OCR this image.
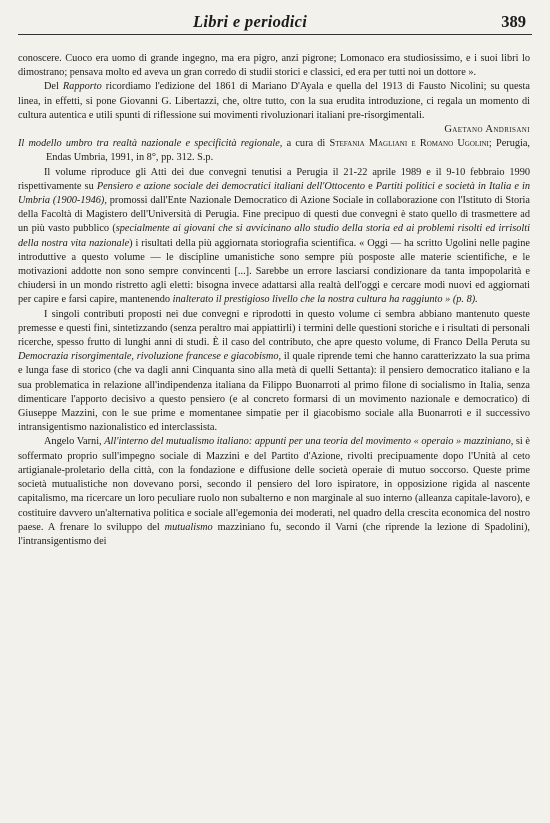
Libri e periodici	389

conoscere. Cuoco era uomo di grande ingegno, ma era pigro, anzi pigrone; Lomonaco era studiosissimo, e i suoi libri lo dimostrano; pensava molto ed aveva un gran corredo di studii storici e classici, ed era per tutti noi un dottore ».

Del Rapporto ricordiamo l'edizione del 1861 di Mariano D'Ayala e quella del 1913 di Fausto Nicolini; su questa linea, in effetti, si pone Giovanni G. Libertazzi, che, oltre tutto, con la sua erudita introduzione, ci regala un momento di cultura autentica e utili spunti di riflessione sui movimenti rivoluzionari italiani pre-risorgimentali.

Gaetano Andrisani

Il modello umbro tra realtà nazionale e specificità regionale, a cura di Stefania Magliani e Romano Ugolini; Perugia, Endas Umbria, 1991, in 8°, pp. 312. S.p.

Il volume riproduce gli Atti dei due convegni tenutisi a Perugia il 21-22 aprile 1989 e il 9-10 febbraio 1990 rispettivamente su Pensiero e azione sociale dei democratici italiani dell'Ottocento e Partiti politici e società in Italia e in Umbria (1900-1946), promossi dall'Ente Nazionale Democratico di Azione Sociale in collaborazione con l'Istituto di Storia della Facoltà di Magistero dell'Università di Perugia. Fine precipuo di questi due convegni è stato quello di trasmettere ad un più vasto pubblico (specialmente ai giovani che si avvicinano allo studio della storia ed ai problemi risolti ed irrisolti della nostra vita nazionale) i risultati della più aggiornata storiografia scientifica. « Oggi — ha scritto Ugolini nelle pagine introduttive a questo volume — le discipline umanistiche sono sempre più posposte alle materie scientifiche, e le motivazioni addotte non sono sempre convincenti [...]. Sarebbe un errore lasciarsi condizionare da tanta impopolarità e chiudersi in un mondo ristretto agli eletti: bisogna invece adattarsi alla realtà dell'oggi e cercare modi nuovi ed aggiornati per capire e farsi capire, mantenendo inalterato il prestigioso livello che la nostra cultura ha raggiunto » (p. 8).

I singoli contributi proposti nei due convegni e riprodotti in questo volume ci sembra abbiano mantenuto queste premesse e questi fini, sintetizzando (senza peraltro mai appiattirli) i termini delle questioni storiche e i risultati di personali ricerche, spesso frutto di lunghi anni di studi. È il caso del contributo, che apre questo volume, di Franco Della Peruta su Democrazia risorgimentale, rivoluzione francese e giacobismo, il quale riprende temi che hanno caratterizzato la sua prima e lunga fase di storico (che va dagli anni Cinquanta sino alla metà di quelli Settanta): il pensiero democratico italiano e la sua problematica in relazione all'indipendenza italiana da Filippo Buonarroti al primo filone di socialismo in Italia, senza dimenticare l'apporto decisivo a questo pensiero (e al concreto formarsi di un movimento nazionale e democratico) di Giuseppe Mazzini, con le sue prime e momentanee simpatie per il giacobismo sociale alla Buonarroti e il successivo intransigentismo nazionalistico ed interclassista.

Angelo Varni, All'interno del mutualismo italiano: appunti per una teoria del movimento « operaio » mazziniano, si è soffermato proprio sull'impegno sociale di Mazzini e del Partito d'Azione, rivolti precipuamente dopo l'Unità al ceto artigianale-proletario della città, con la fondazione e diffusione delle società operaie di mutuo soccorso. Queste prime società mutualistiche non dovevano porsi, secondo il pensiero del loro ispiratore, in opposizione rigida al nascente capitalismo, ma ricercare un loro peculiare ruolo non subalterno e non marginale al suo interno (alleanza capitale-lavoro), e costituire davvero un'alternativa politica e sociale all'egemonia dei moderati, nel quadro della crescita economica del nostro paese. A frenare lo sviluppo del mutualismo mazziniano fu, secondo il Varni (che riprende la lezione di Spadolini), l'intransigentismo dei
